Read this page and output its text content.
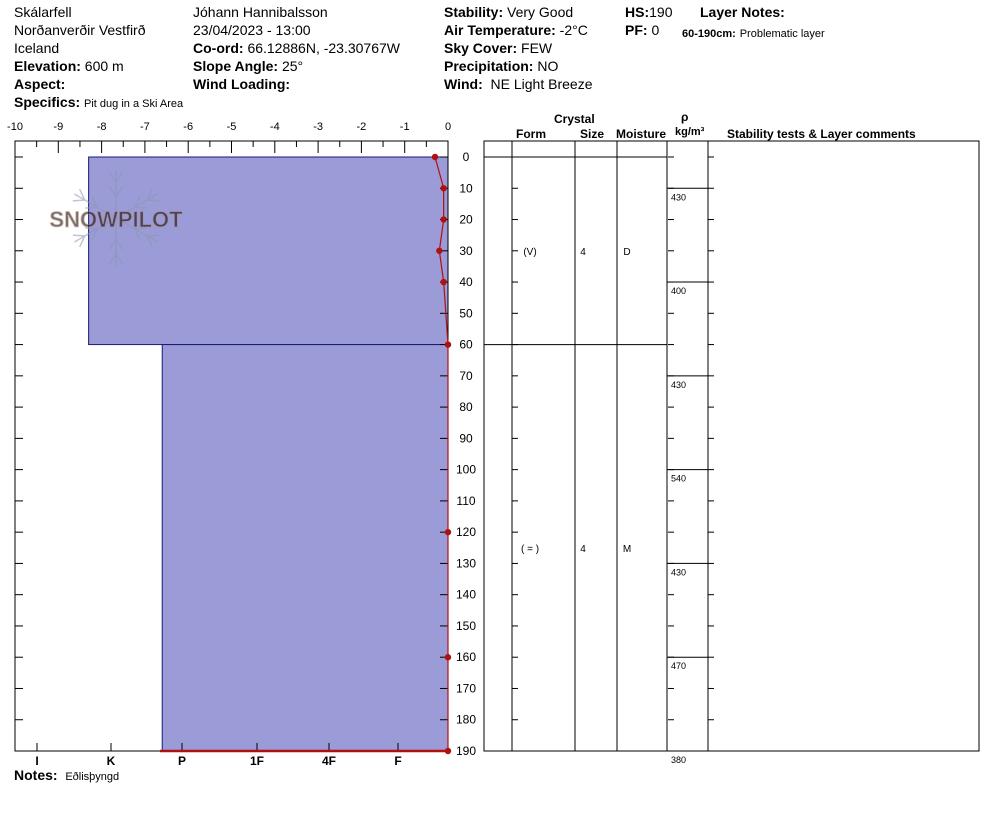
Skálarfell
Norðanverðir Vestfirð
Iceland
Elevation: 600 m
Aspect:
Specifics: Pit dug in a Ski Area
Jóhann Hannibalsson
23/04/2023 - 13:00
Co-ord: 66.12886N, -23.30767W
Slope Angle: 25°
Wind Loading:
Stability: Very Good
Air Temperature: -2°C
Sky Cover: FEW
Precipitation: NO
Wind: NE Light Breeze
HS:190
PF: 0
Layer Notes:
60-190cm: Problematic layer
Crystal
Form	Size Moisture
ρ
kg/m³ Stability tests & Layer comments
Notes: Eðlisþyngd
SNOWPILOT
-10	-9	-8	-7	-6	-5	-4	-3	-2	-1	0
0
10
20
30
40
50
60
70
80
90
100
110
120
130
140
150
160
170
180
190
I	K	P	1F	4F	F
(V)	4	D
( = )	4	M
430
400
430
540
430
470
380
